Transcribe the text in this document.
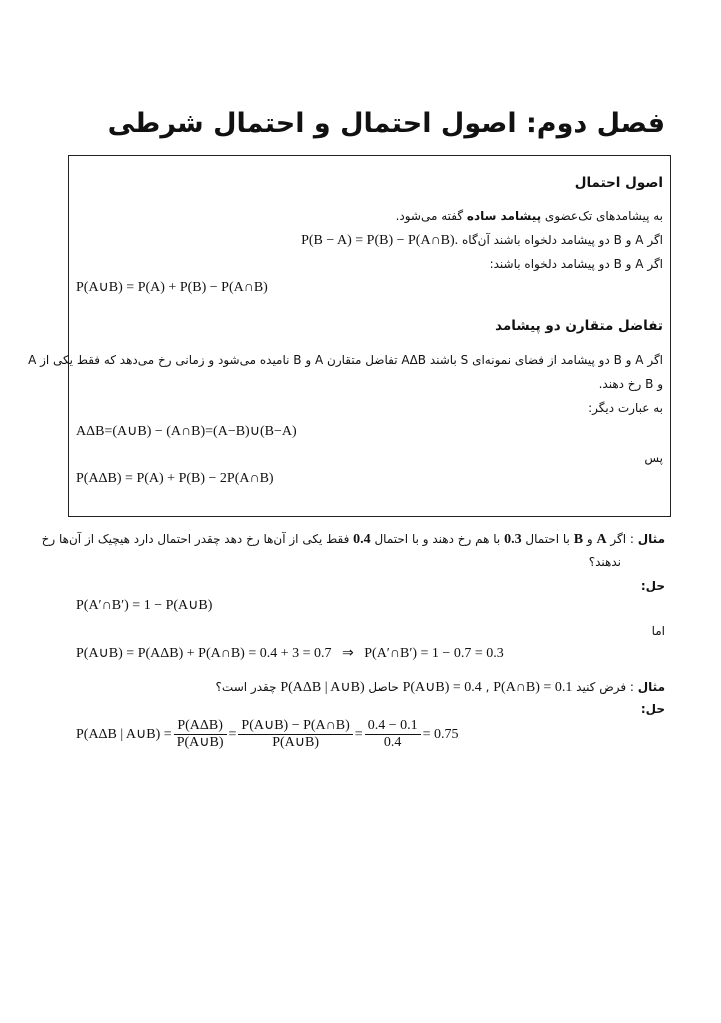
فصل دوم: اصول احتمال و احتمال شرطی
اصول احتمال
به پیشامدهای تک‌عضوی پیشامد ساده گفته می‌شود.
اگر A و B دو پیشامد دلخواه باشند آن‌گاه P(B − A) = P(B) − P(A∩B).
اگر A و B دو پیشامد دلخواه باشند:
P(A∪B) = P(A) + P(B) − P(A∩B)
تفاضل متقارن دو پیشامد
اگر A و B دو پیشامد از فضای نمونه‌ای S باشند AΔB تفاضل متقارن A و B نامیده می‌شود و زمانی رخ می‌دهد که فقط یکی از A
و B رخ دهند.
به عبارت دیگر:
AΔB=(A∪B) − (A∩B)=(A−B)∪(B−A)
پس
P(AΔB) = P(A) + P(B) − 2P(A∩B)
مثال : اگر A و B با احتمال 0.3 با هم رخ دهند و با احتمال 0.4 فقط یکی از آن‌ها رخ دهد چقدر احتمال دارد هیچیک از آن‌ها رخ
ندهند؟
حل:
P(A′∩B′) = 1 − P(A∪B)
اما
P(A∪B) = P(AΔB) + P(A∩B) = 0.4 + 3 = 0.7   ⇒   P(A′∩B′) = 1 − 0.7 = 0.3
مثال : فرض کنید P(A∩B) = 0.1 , P(A∪B) = 0.4 حاصل P(AΔB | A∪B) چقدر است؟
حل:
P(AΔB | A∪B) = $\frac{\text{P(AΔB)}}{P(A\cup B)} = \frac{P(A\cup B) - P(A\cap B)}{P(A\cup B)} = \frac{0.4 - 0.1}{0.4} = 0.75$
